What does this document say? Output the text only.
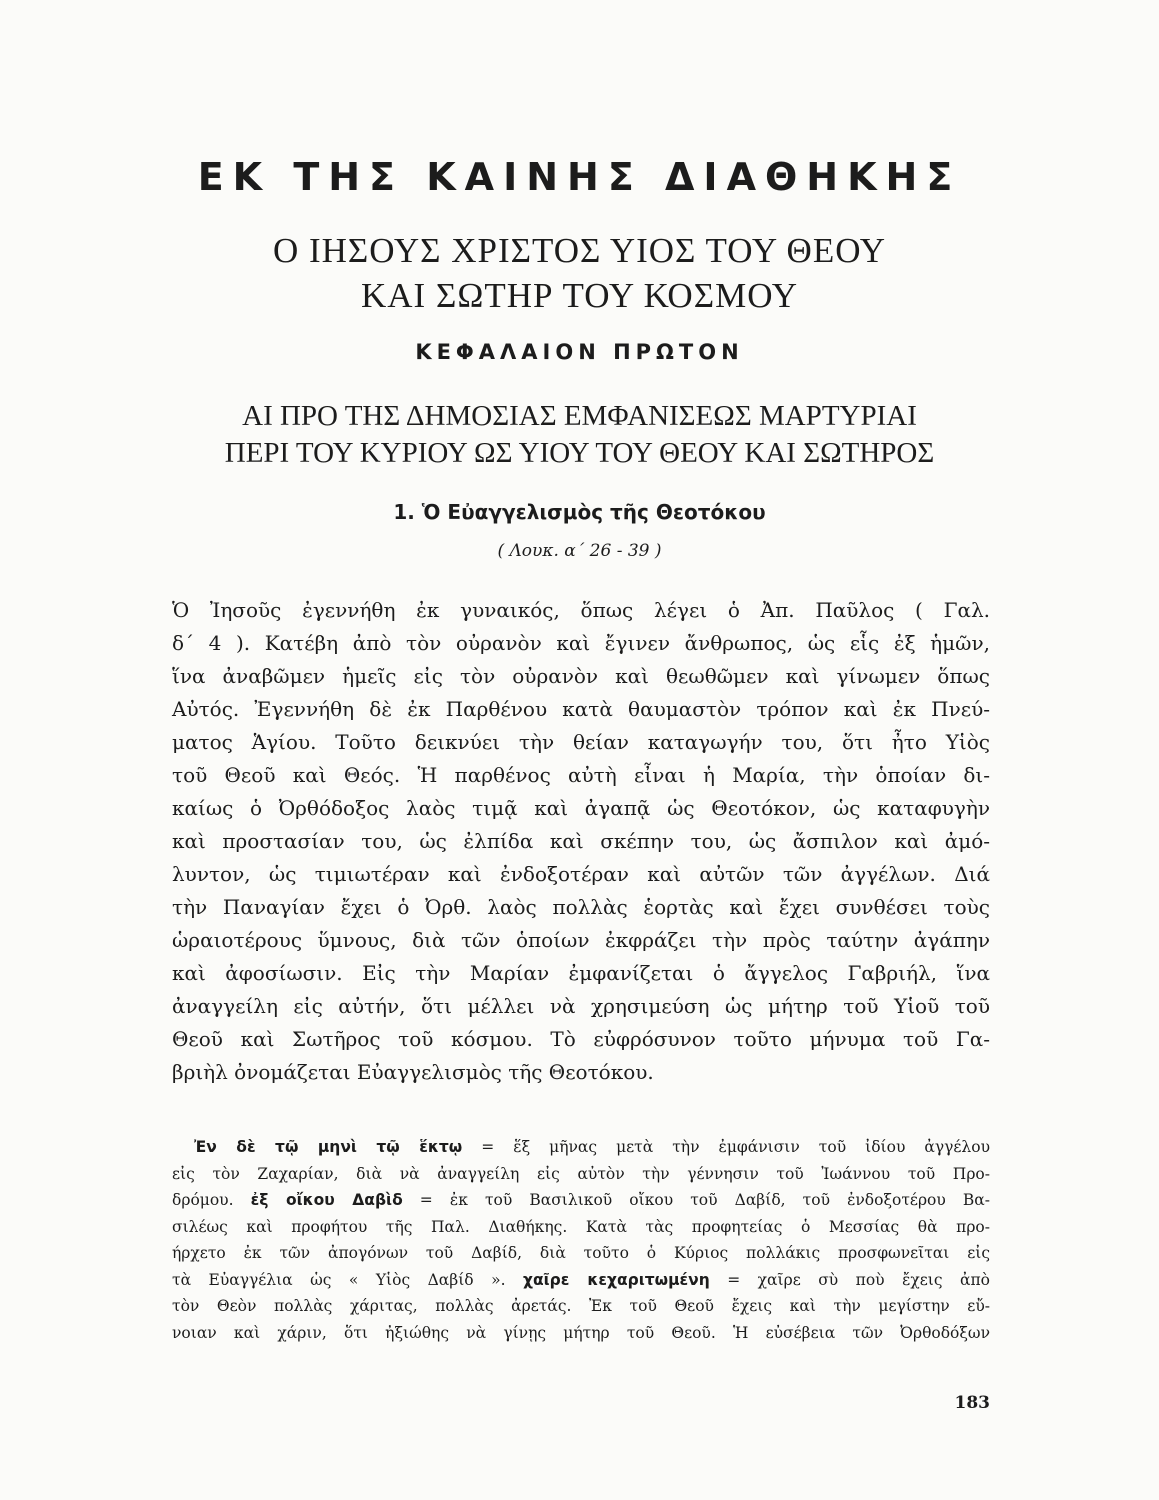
ΕΚ ΤΗΣ ΚΑΙΝΗΣ ΔΙΑΘΗΚΗΣ
Ο ΙΗΣΟΥΣ ΧΡΙΣΤΟΣ ΥΙΟΣ ΤΟΥ ΘΕΟΥ
ΚΑΙ ΣΩΤΗΡ ΤΟΥ ΚΟΣΜΟΥ
ΚΕΦΑΛΑΙΟΝ ΠΡΩΤΟΝ
ΑΙ ΠΡΟ ΤΗΣ ΔΗΜΟΣΙΑΣ ΕΜΦΑΝΙΣΕΩΣ ΜΑΡΤΥΡΙΑΙ
ΠΕΡΙ ΤΟΥ ΚΥΡΙΟΥ ΩΣ ΥΙΟΥ ΤΟΥ ΘΕΟΥ ΚΑΙ ΣΩΤΗΡΟΣ
1. Ὁ Εὐαγγελισμὸς τῆς Θεοτόκου
( Λουκ. α΄ 26 - 39 )
Ὁ Ἰησοῦς ἐγεννήθη ἐκ γυναικός, ὅπως λέγει ὁ Ἀπ. Παῦλος ( Γαλ.
δ΄ 4 ). Κατέβη ἀπὸ τὸν οὐρανὸν καὶ ἔγινεν ἄνθρωπος, ὡς εἷς ἐξ ἡμῶν,
ἵνα ἀναβῶμεν ἡμεῖς εἰς τὸν οὐρανὸν καὶ θεωθῶμεν καὶ γίνωμεν ὅπως
Αὐτός. Ἐγεννήθη δὲ ἐκ Παρθένου κατὰ θαυμαστὸν τρόπον καὶ ἐκ Πνεύ-
ματος Ἁγίου. Τοῦτο δεικνύει τὴν θείαν καταγωγήν του, ὅτι ἦτο Υἱὸς
τοῦ Θεοῦ καὶ Θεός. Ἡ παρθένος αὐτὴ εἶναι ἡ Μαρία, τὴν ὁποίαν δι-
καίως ὁ Ὀρθόδοξος λαὸς τιμᾷ καὶ ἀγαπᾷ ὡς Θεοτόκον, ὡς καταφυγὴν
καὶ προστασίαν του, ὡς ἐλπίδα καὶ σκέπην του, ὡς ἄσπιλον καὶ ἀμό-
λυντον, ὡς τιμιωτέραν καὶ ἐνδοξοτέραν καὶ αὐτῶν τῶν ἀγγέλων. Διά
τὴν Παναγίαν ἔχει ὁ Ὀρθ. λαὸς πολλὰς ἑορτὰς καὶ ἔχει συνθέσει τοὺς
ὡραιοτέρους ὕμνους, διὰ τῶν ὁποίων ἐκφράζει τὴν πρὸς ταύτην ἀγάπην
καὶ ἀφοσίωσιν. Εἰς τὴν Μαρίαν ἐμφανίζεται ὁ ἄγγελος Γαβριήλ, ἵνα
ἀναγγείλη εἰς αὐτήν, ὅτι μέλλει νὰ χρησιμεύση ὡς μήτηρ τοῦ Υἱοῦ τοῦ
Θεοῦ καὶ Σωτῆρος τοῦ κόσμου. Τὸ εὐφρόσυνον τοῦτο μήνυμα τοῦ Γα-
βριὴλ ὀνομάζεται Εὐαγγελισμὸς τῆς Θεοτόκου.
Ἐν δὲ τῷ μηνὶ τῷ ἕκτῳ = ἕξ μῆνας μετὰ τὴν ἐμφάνισιν τοῦ ἰδίου ἀγγέλου
εἰς τὸν Ζαχαρίαν, διὰ νὰ ἀναγγείλη εἰς αὐτὸν τὴν γέννησιν τοῦ Ἰωάννου τοῦ Προ-
δρόμου. ἐξ οἴκου Δαβὶδ = ἐκ τοῦ Βασιλικοῦ οἴκου τοῦ Δαβίδ, τοῦ ἐνδοξοτέρου Βα-
σιλέως καὶ προφήτου τῆς Παλ. Διαθήκης. Κατὰ τὰς προφητείας ὁ Μεσσίας θὰ προ-
ήρχετο ἐκ τῶν ἀπογόνων τοῦ Δαβίδ, διὰ τοῦτο ὁ Κύριος πολλάκις προσφωνεῖται εἰς
τὰ Εὐαγγέλια ὡς « Υἱὸς Δαβίδ ». χαῖρε κεχαριτωμένη = χαῖρε σὺ ποὺ ἔχεις ἀπὸ
τὸν Θεὸν πολλὰς χάριτας, πολλὰς ἀρετάς. Ἐκ τοῦ Θεοῦ ἔχεις καὶ τὴν μεγίστην εὔ-
νοιαν καὶ χάριν, ὅτι ἠξιώθης νὰ γίνῃς μήτηρ τοῦ Θεοῦ. Ἡ εὐσέβεια τῶν Ὀρθοδόξων
183
